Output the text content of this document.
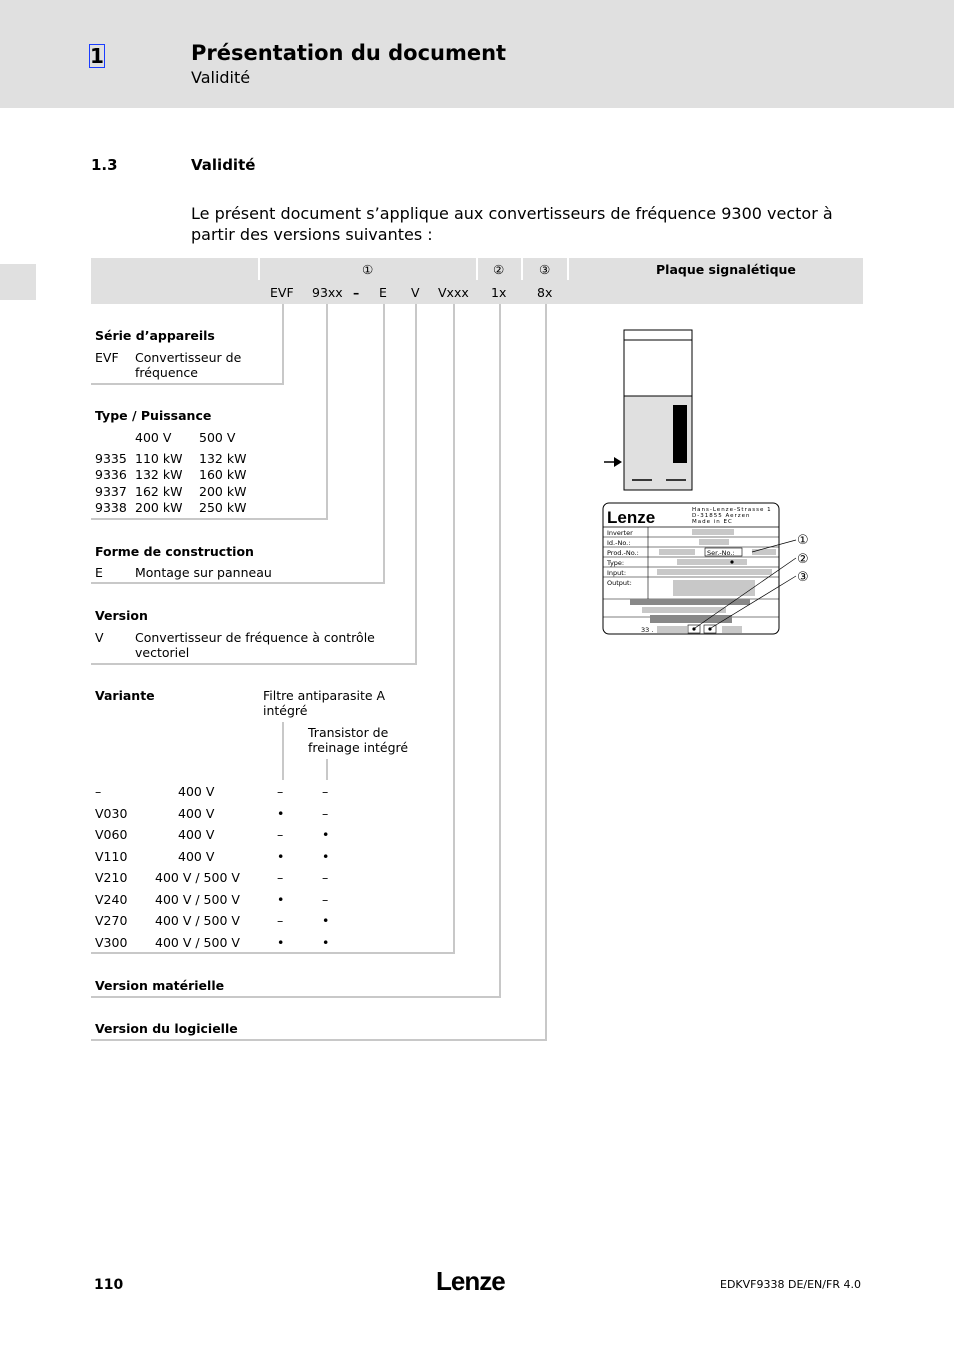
1	Présentation du document
Validité
1.3	Validité
Le présent document s’applique aux convertisseurs de fréquence 9300 vector à partir des versions suivantes :
①	②	③	Plaque signalétique
EVF 93xx – E V Vxxx 1x 8x
Série d’appareils
EVF Convertisseur de
fréquence
Type / Puissance
400 V 500 V
9335 110 kW 132 kW
9336 132 kW 160 kW
9337 162 kW 200 kW
9338 200 kW 250 kW
Forme de construction
E	Montage sur panneau
Version
V	Convertisseur de fréquence à contrôle
vectoriel
Variante	Filtre antiparasite A
intégré
Transistor de
freinage intégré
–	400 V	–	–
V030	400 V	•	–
V060	400 V	–	•
V110	400 V	•	•
V210 400 V / 500 V	–	–
V240 400 V / 500 V	•	–
V270 400 V / 500 V	–	•
V300 400 V / 500 V	•	•
Version matérielle
Version du logicielle
Lenze	Hans-Lenze-Strasse 1
D-31855 Aerzen
Made in EC
Inverter
Id.-No.:
Prod.-No.:
Type:
Input:
Output:
Ser.-No.:
33 .
①
②
③
110	Lenze	EDKVF9338 DE/EN/FR 4.0
